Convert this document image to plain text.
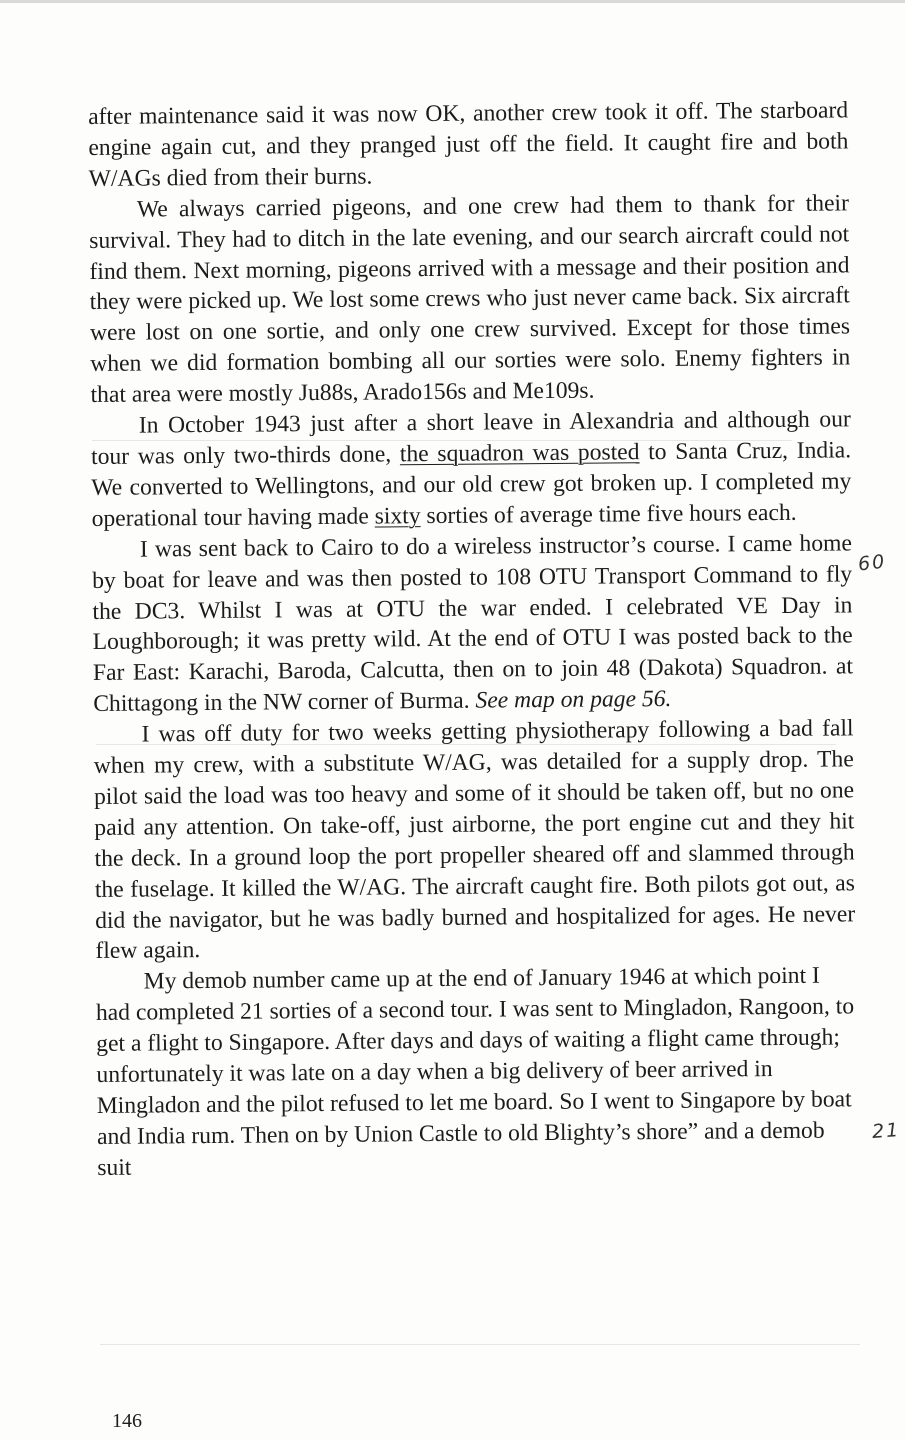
after maintenance said it was now OK, another crew took it off. The starboard engine again cut, and they pranged just off the field. It caught fire and both W/AGs died from their burns.

We always carried pigeons, and one crew had them to thank for their survival. They had to ditch in the late evening, and our search aircraft could not find them. Next morning, pigeons arrived with a message and their position and they were picked up. We lost some crews who just never came back. Six aircraft were lost on one sortie, and only one crew survived. Except for those times when we did formation bombing all our sorties were solo. Enemy fighters in that area were mostly Ju88s, Arado156s and Me109s.

In October 1943 just after a short leave in Alexandria and although our tour was only two-thirds done, the squadron was posted to Santa Cruz, India. We converted to Wellingtons, and our old crew got broken up. I completed my operational tour having made sixty sorties of average time five hours each.

I was sent back to Cairo to do a wireless instructor’s course. I came home by boat for leave and was then posted to 108 OTU Transport Command to fly the DC3. Whilst I was at OTU the war ended. I celebrated VE Day in Loughborough; it was pretty wild. At the end of OTU I was posted back to the Far East: Karachi, Baroda, Calcutta, then on to join 48 (Dakota) Squadron. at Chittagong in the NW corner of Burma. See map on page 56.

I was off duty for two weeks getting physiotherapy following a bad fall when my crew, with a substitute W/AG, was detailed for a supply drop. The pilot said the load was too heavy and some of it should be taken off, but no one paid any attention. On take-off, just airborne, the port engine cut and they hit the deck. In a ground loop the port propeller sheared off and slammed through the fuselage. It killed the W/AG. The aircraft caught fire. Both pilots got out, as did the navigator, but he was badly burned and hospitalized for ages. He never flew again.

My demob number came up at the end of January 1946 at which point I had completed 21 sorties of a second tour. I was sent to Mingladon, Rangoon, to get a flight to Singapore. After days and days of waiting a flight came through; unfortunately it was late on a day when a big delivery of beer arrived in Mingladon and the pilot refused to let me board. So I went to Singapore by boat and India rum. Then on by Union Castle to old Blighty’s shore” and a demob suit

60
21
146
